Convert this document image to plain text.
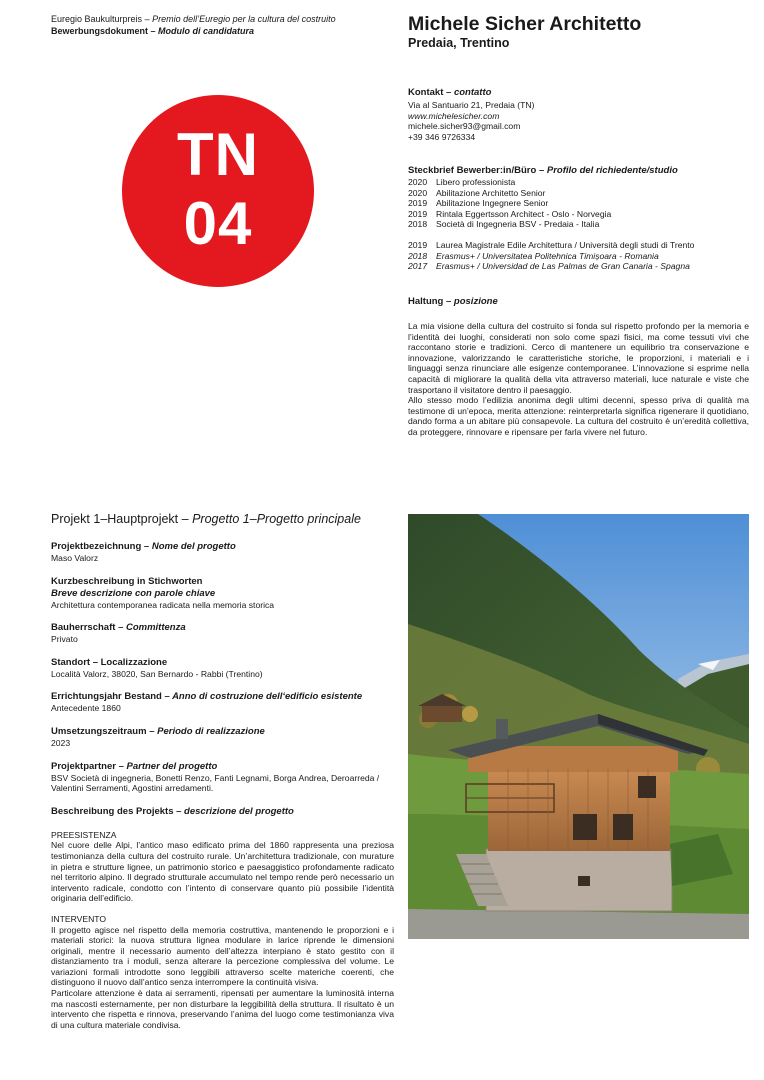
Euregio Baukulturpreis – Premio dell’Euregio per la cultura del costruito
Bewerbungsdokument – Modulo di candidatura
TN
04
Michele Sicher Architetto
Predaia, Trentino
Kontakt – contatto
Via al Santuario 21, Predaia (TN)
www.michelesicher.com
michele.sicher93@gmail.com
+39 346 9726334
Steckbrief Bewerber:in/Büro – Profilo del richiedente/studio
2020	Libero professionista
2020	Abilitazione Architetto Senior
2019	Abilitazione Ingegnere Senior
2019	Rintala Eggertsson Architect - Oslo - Norvegia
2018	Società di Ingegneria BSV - Predaia - Italia
2019	Laurea Magistrale Edile Architettura / Università degli studi di Trento
2018	Erasmus+ / Universitatea Politehnica Timișoara - Romania
2017	Erasmus+ / Universidad de Las Palmas de Gran Canaria - Spagna
Haltung – posizione
La mia visione della cultura del costruito si fonda sul rispetto profondo per la memoria e l’identità dei luoghi, considerati non solo come spazi fisici, ma come tessuti vivi che raccontano storie e tradizioni. Cerco di mantenere un equilibrio tra conservazione e innovazione, valorizzando le caratteristiche storiche, le proporzioni, i materiali e i linguaggi senza rinunciare alle esigenze contemporanee. L’innovazione si esprime nella capacità di migliorare la qualità della vita attraverso materiali, luce naturale e viste che trasportano il visitatore dentro il paesaggio.
Allo stesso modo l’edilizia anonima degli ultimi decenni, spesso priva di qualità ma testimone di un’epoca, merita attenzione: reinterpretarla significa rigenerare il quotidiano, dando forma a un abitare più consapevole. La cultura del costruito è un’eredità collettiva, da proteggere, rinnovare e ripensare per farla vivere nel futuro.
Projekt 1–Hauptprojekt – Progetto 1–Progetto principale
Projektbezeichnung – Nome del progetto
Maso Valorz
Kurzbeschreibung in Stichworten
Breve descrizione con parole chiave
Architettura contemporanea radicata nella memoria storica
Bauherrschaft – Committenza
Privato
Standort – Localizzazione
Località Valorz, 38020, San Bernardo - Rabbi (Trentino)
Errichtungsjahr Bestand – Anno di costruzione dell‘edificio esistente
Antecedente 1860
Umsetzungszeitraum – Periodo di realizzazione
2023
Projektpartner – Partner del progetto
BSV Società di ingegneria, Bonetti Renzo, Fanti Legnami, Borga Andrea, Deroarreda / Valentini Serramenti, Agostini arredamenti.
Beschreibung des Projekts – descrizione del progetto
PREESISTENZA
Nel cuore delle Alpi, l’antico maso edificato prima del 1860 rappresenta una preziosa testimonianza della cultura del costruito rurale. Un’architettura tradizionale, con murature in pietra e strutture lignee, un patrimonio storico e paesaggistico profondamente radicato nel territorio alpino. Il degrado strutturale accumulato nel tempo rende però necessario un intervento radicale, condotto con l’intento di conservare quanto più possibile l’identità originaria dell’edificio.
INTERVENTO
Il progetto agisce nel rispetto della memoria costruttiva, mantenendo le proporzioni e i materiali storici: la nuova struttura lignea modulare in larice riprende le dimensioni originali, mentre il necessario aumento dell’altezza interpiano è stato gestito con il distanziamento tra i moduli, senza alterare la percezione complessiva del volume. Le variazioni formali introdotte sono leggibili attraverso scelte materiche coerenti, che distinguono il nuovo dall’antico senza interrompere la continuità visiva.
Particolare attenzione è data ai serramenti, ripensati per aumentare la luminosità interna ma nascosti esternamente, per non disturbare la leggibilità della struttura. Il risultato è un intervento che rispetta e rinnova, preservando l’anima del luogo come testimonianza viva di una cultura materiale condivisa.
